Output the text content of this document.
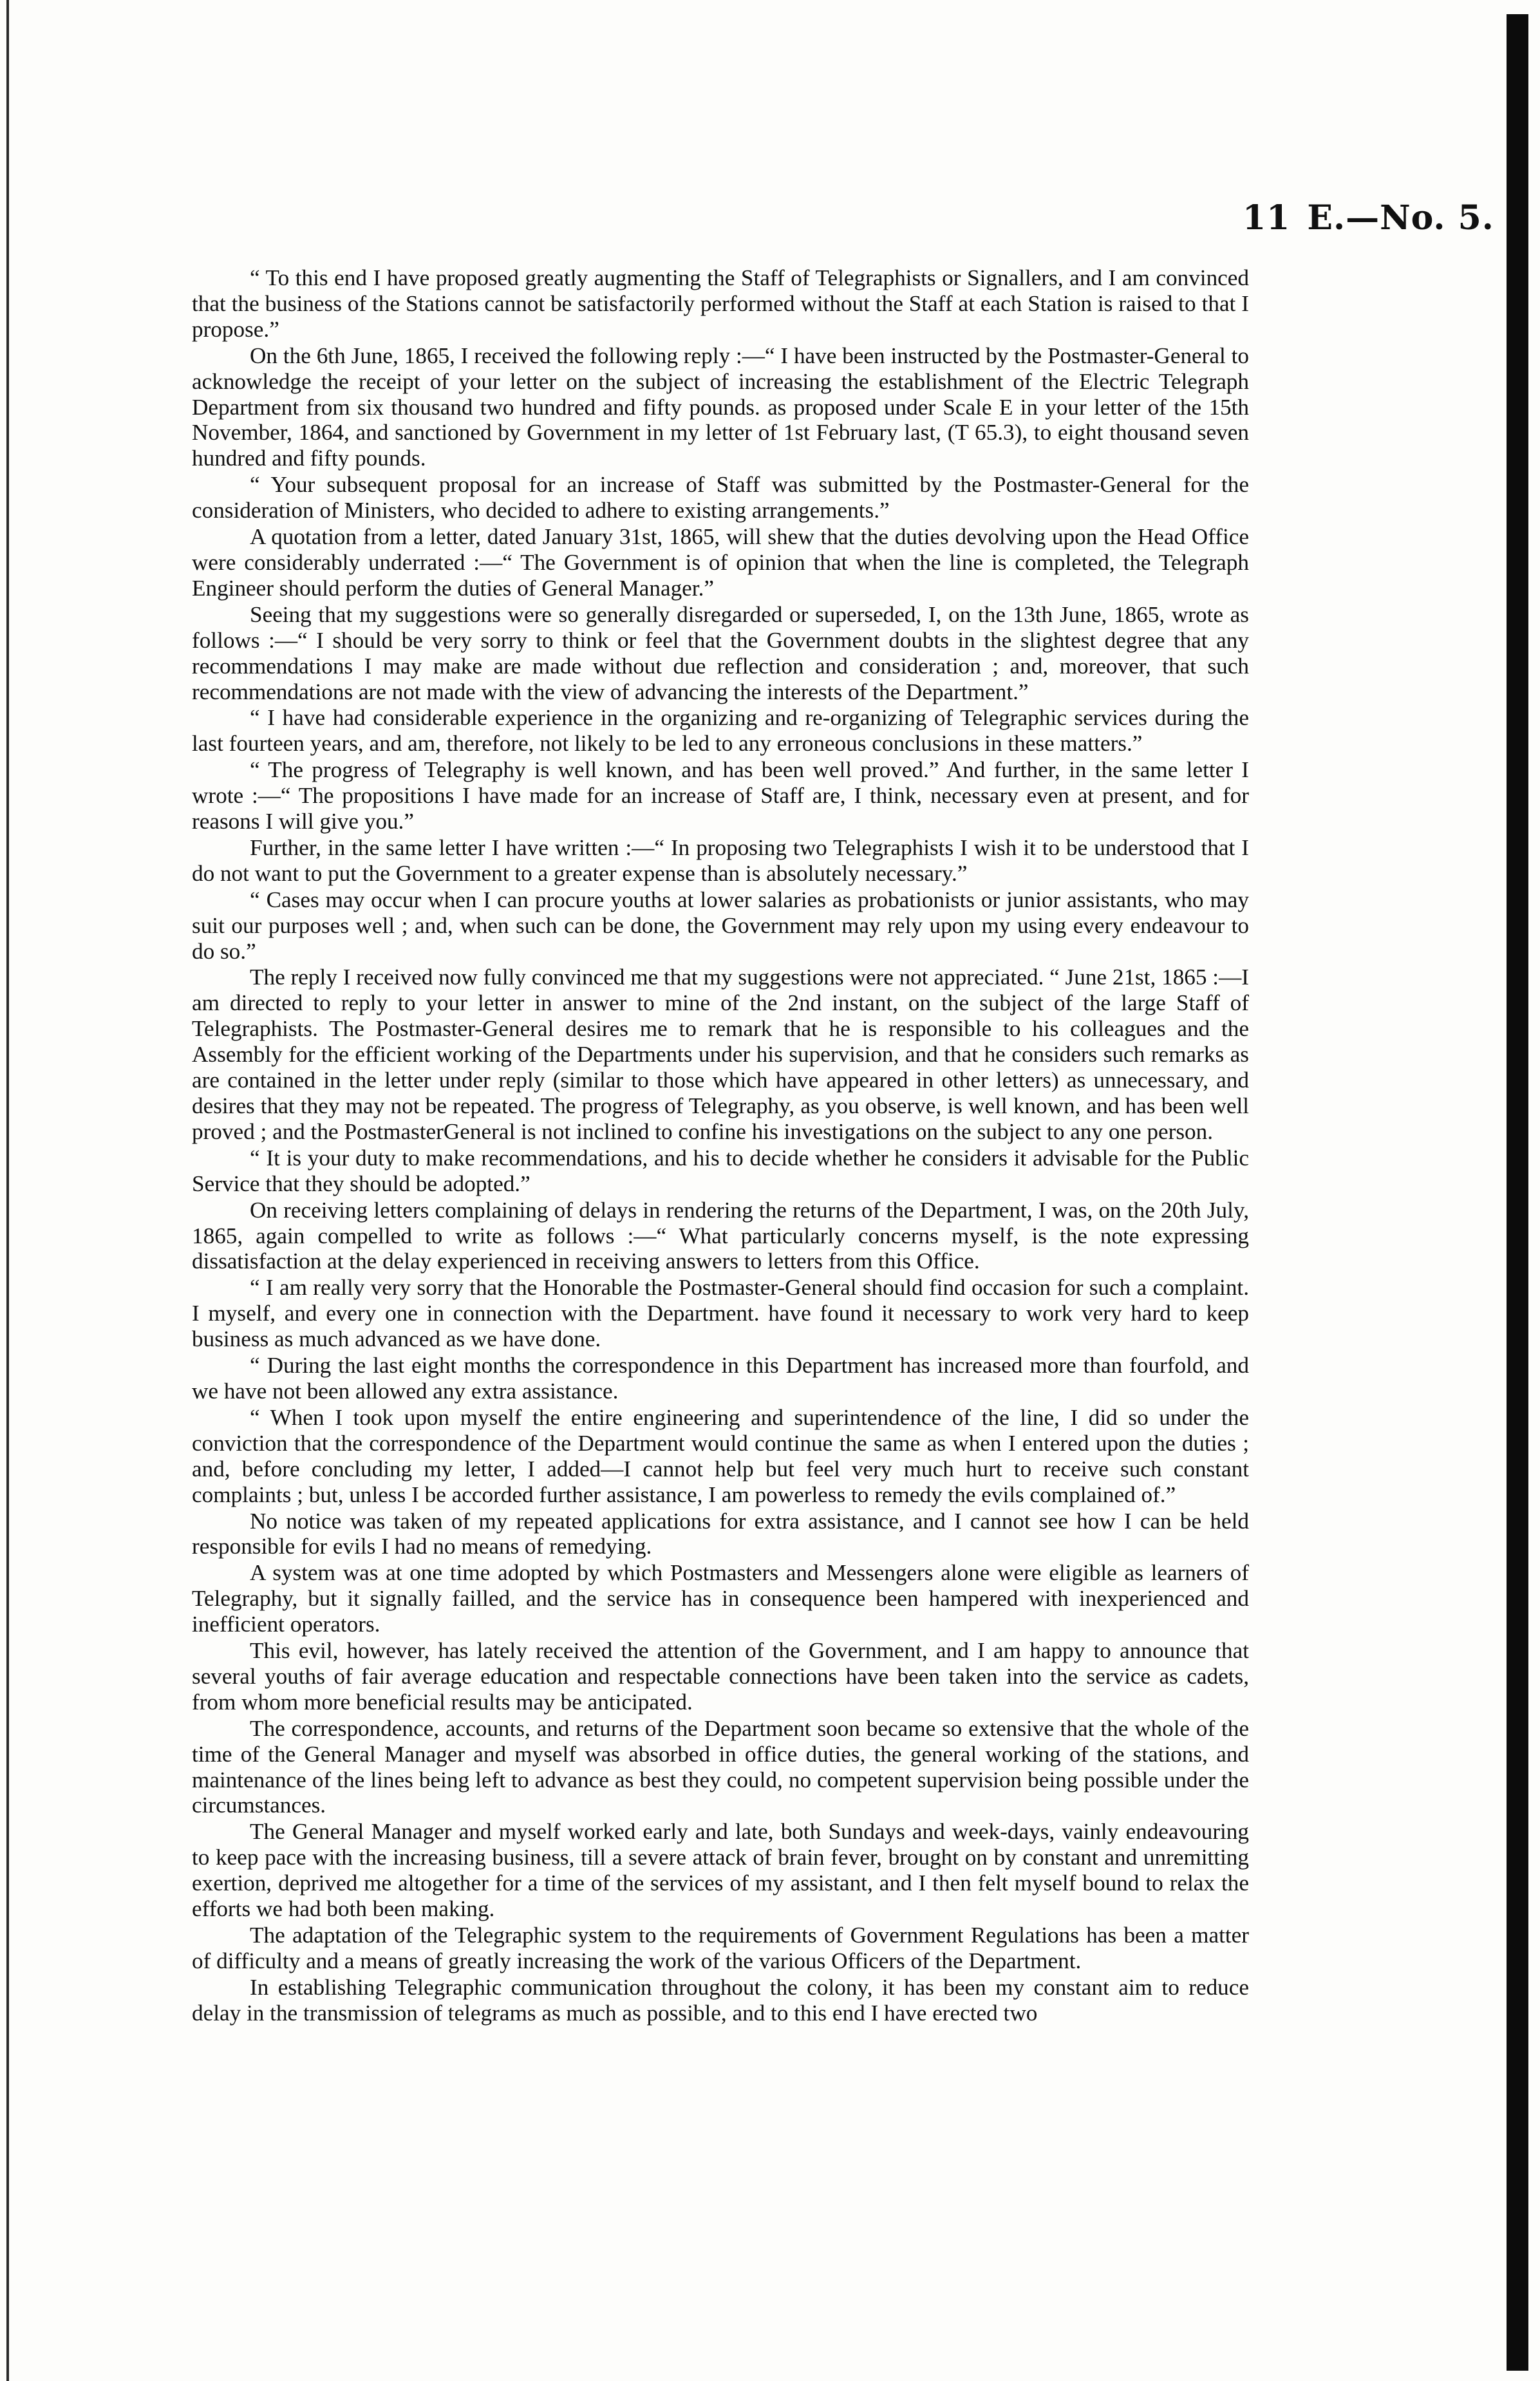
11 E.—No. 5.

“ To this end I have proposed greatly augmenting the Staff of Telegraphists or Signallers, and I am convinced that the business of the Stations cannot be satisfactorily performed without the Staff at each Station is raised to that I propose.”

On the 6th June, 1865, I received the following reply :—“ I have been instructed by the Postmaster-General to acknowledge the receipt of your letter on the subject of increasing the establishment of the Electric Telegraph Department from six thousand two hundred and fifty pounds. as proposed under Scale E in your letter of the 15th November, 1864, and sanctioned by Government in my letter of 1st February last, (T 65.3), to eight thousand seven hundred and fifty pounds.

“ Your subsequent proposal for an increase of Staff was submitted by the Postmaster-General for the consideration of Ministers, who decided to adhere to existing arrangements.”

A quotation from a letter, dated January 31st, 1865, will shew that the duties devolving upon the Head Office were considerably underrated :—“ The Government is of opinion that when the line is completed, the Telegraph Engineer should perform the duties of General Manager.”

Seeing that my suggestions were so generally disregarded or superseded, I, on the 13th June, 1865, wrote as follows :—“ I should be very sorry to think or feel that the Government doubts in the slightest degree that any recommendations I may make are made without due reflection and consideration ; and, moreover, that such recommendations are not made with the view of advancing the interests of the Department.”

“ I have had considerable experience in the organizing and re-organizing of Telegraphic services during the last fourteen years, and am, therefore, not likely to be led to any erroneous conclusions in these matters.”

“ The progress of Telegraphy is well known, and has been well proved.” And further, in the same letter I wrote :—“ The propositions I have made for an increase of Staff are, I think, necessary even at present, and for reasons I will give you.”

Further, in the same letter I have written :—“ In proposing two Telegraphists I wish it to be understood that I do not want to put the Government to a greater expense than is absolutely necessary.”

“ Cases may occur when I can procure youths at lower salaries as probationists or junior assistants, who may suit our purposes well ; and, when such can be done, the Government may rely upon my using every endeavour to do so.”

The reply I received now fully convinced me that my suggestions were not appreciated. “ June 21st, 1865 :—I am directed to reply to your letter in answer to mine of the 2nd instant, on the subject of the large Staff of Telegraphists. The Postmaster-General desires me to remark that he is responsible to his colleagues and the Assembly for the efficient working of the Departments under his supervision, and that he considers such remarks as are contained in the letter under reply (similar to those which have appeared in other letters) as unnecessary, and desires that they may not be repeated. The progress of Telegraphy, as you observe, is well known, and has been well proved ; and the PostmasterGeneral is not inclined to confine his investigations on the subject to any one person.

“ It is your duty to make recommendations, and his to decide whether he considers it advisable for the Public Service that they should be adopted.”

On receiving letters complaining of delays in rendering the returns of the Department, I was, on the 20th July, 1865, again compelled to write as follows :—“ What particularly concerns myself, is the note expressing dissatisfaction at the delay experienced in receiving answers to letters from this Office.

“ I am really very sorry that the Honorable the Postmaster-General should find occasion for such a complaint. I myself, and every one in connection with the Department. have found it necessary to work very hard to keep business as much advanced as we have done.

“ During the last eight months the correspondence in this Department has increased more than fourfold, and we have not been allowed any extra assistance.

“ When I took upon myself the entire engineering and superintendence of the line, I did so under the conviction that the correspondence of the Department would continue the same as when I entered upon the duties ; and, before concluding my letter, I added—I cannot help but feel very much hurt to receive such constant complaints ; but, unless I be accorded further assistance, I am powerless to remedy the evils complained of.”

No notice was taken of my repeated applications for extra assistance, and I cannot see how I can be held responsible for evils I had no means of remedying.

A system was at one time adopted by which Postmasters and Messengers alone were eligible as learners of Telegraphy, but it signally failled, and the service has in consequence been hampered with inexperienced and inefficient operators.

This evil, however, has lately received the attention of the Government, and I am happy to announce that several youths of fair average education and respectable connections have been taken into the service as cadets, from whom more beneficial results may be anticipated.

The correspondence, accounts, and returns of the Department soon became so extensive that the whole of the time of the General Manager and myself was absorbed in office duties, the general working of the stations, and maintenance of the lines being left to advance as best they could, no competent supervision being possible under the circumstances.

The General Manager and myself worked early and late, both Sundays and week-days, vainly endeavouring to keep pace with the increasing business, till a severe attack of brain fever, brought on by constant and unremitting exertion, deprived me altogether for a time of the services of my assistant, and I then felt myself bound to relax the efforts we had both been making.

The adaptation of the Telegraphic system to the requirements of Government Regulations has been a matter of difficulty and a means of greatly increasing the work of the various Officers of the Department.

In establishing Telegraphic communication throughout the colony, it has been my constant aim to reduce delay in the transmission of telegrams as much as possible, and to this end I have erected two
